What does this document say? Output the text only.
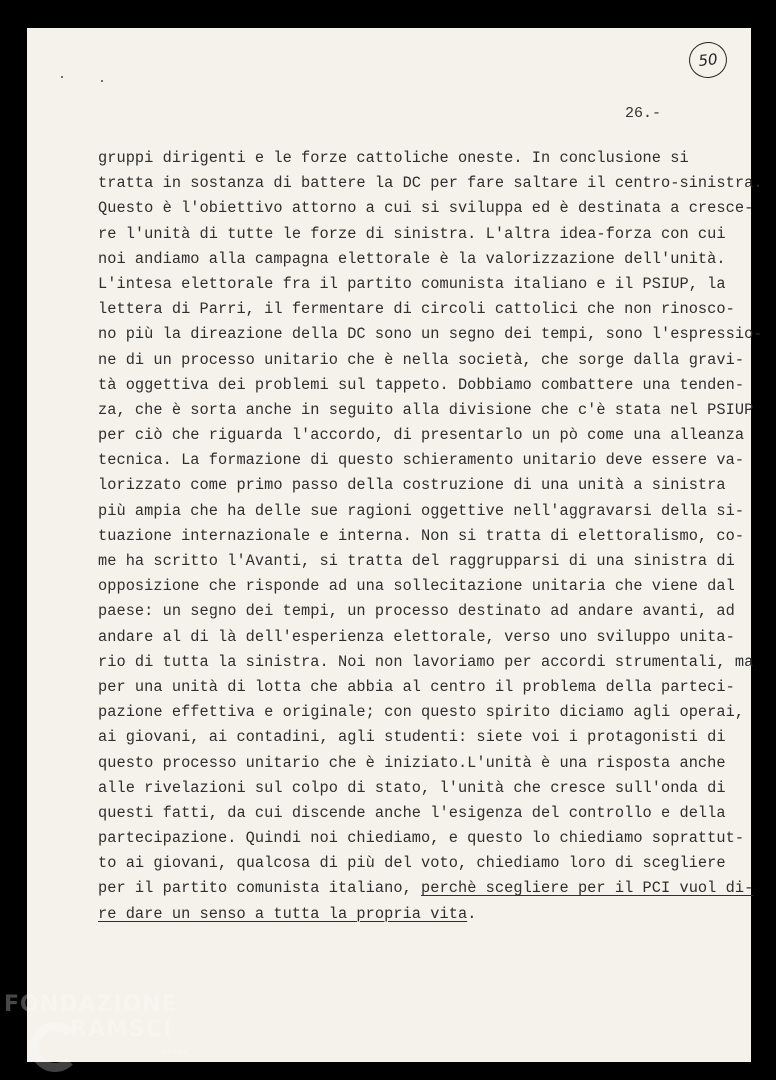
50
26.-
gruppi dirigenti e le forze cattoliche oneste. In conclusione si
tratta in sostanza di battere la DC per fare saltare il centro-sinistra.
Questo è l'obiettivo attorno a cui si sviluppa ed è destinata a cresce-
re l'unità di tutte le forze di sinistra. L'altra idea-forza con cui
noi andiamo alla campagna elettorale è la valorizzazione dell'unità.
L'intesa elettorale fra il partito comunista italiano e il PSIUP, la
lettera di Parri, il fermentare di circoli cattolici che non rinosco-
no più la direazione della DC sono un segno dei tempi, sono l'espressio-
ne di un processo unitario che è nella società, che sorge dalla gravi-
tà oggettiva dei problemi sul tappeto. Dobbiamo combattere una tenden-
za, che è sorta anche in seguito alla divisione che c'è stata nel PSIUP
per ciò che riguarda l'accordo, di presentarlo un pò come una alleanza
tecnica. La formazione di questo schieramento unitario deve essere va-
lorizzato come primo passo della costruzione di una unità a sinistra
più ampia che ha delle sue ragioni oggettive nell'aggravarsi della si-
tuazione internazionale e interna. Non si tratta di elettoralismo, co-
me ha scritto l'Avanti, si tratta del raggrupparsi di una sinistra di
opposizione che risponde ad una sollecitazione unitaria che viene dal
paese: un segno dei tempi, un processo destinato ad andare avanti, ad
andare al di là dell'esperienza elettorale, verso uno sviluppo unita-
rio di tutta la sinistra. Noi non lavoriamo per accordi strumentali, ma
per una unità di lotta che abbia al centro il problema della parteci-
pazione effettiva e originale; con questo spirito diciamo agli operai,
ai giovani, ai contadini, agli studenti: siete voi i protagonisti di
questo processo unitario che è iniziato.L'unità è una risposta anche
alle rivelazioni sul colpo di stato, l'unità che cresce sull'onda di
questi fatti, da cui discende anche l'esigenza del controllo e della
partecipazione. Quindi noi chiediamo, e questo lo chiediamo soprattut-
to ai giovani, qualcosa di più del voto, chiediamo loro di scegliere
per il partito comunista italiano, perchè scegliere per il PCI vuol di-
re dare un senso a tutta la propria vita.
FONDAZIONE
RAMSCI
onlus
